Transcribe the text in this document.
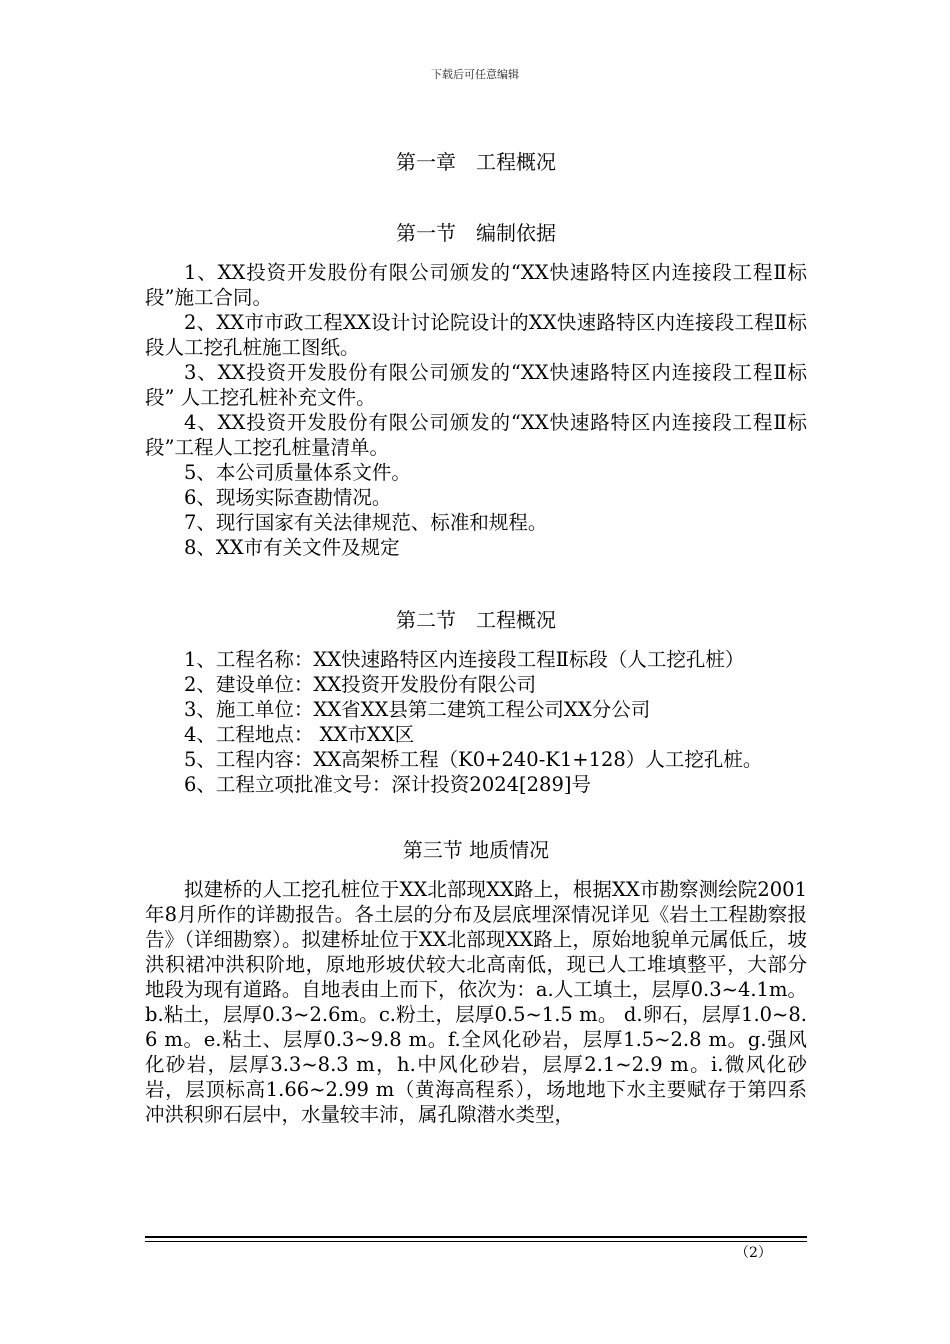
下载后可任意编辑
第一章　工程概况
第一节　编制依据

1、XX投资开发股份有限公司颁发的“XX快速路特区内连接段工程Ⅱ标段”施工合同。

2、XX市市政工程XX设计讨论院设计的XX快速路特区内连接段工程Ⅱ标段人工挖孔桩施工图纸。

3、XX投资开发股份有限公司颁发的“XX快速路特区内连接段工程Ⅱ标段” 人工挖孔桩补充文件。

4、XX投资开发股份有限公司颁发的“XX快速路特区内连接段工程Ⅱ标段”工程人工挖孔桩量清单。

5、本公司质量体系文件。

6、现场实际查勘情况。

7、现行国家有关法律规范、标准和规程。

8、XX市有关文件及规定

第二节　工程概况

1、工程名称：XX快速路特区内连接段工程Ⅱ标段（人工挖孔桩）

2、建设单位：XX投资开发股份有限公司

3、施工单位：XX省XX县第二建筑工程公司XX分公司

4、工程地点： XX市XX区

5、工程内容：XX高架桥工程（K0+240-K1+128）人工挖孔桩。

6、工程立项批准文号：深计投资2024[289]号

第三节 地质情况

拟建桥的人工挖孔桩位于XX北部现XX路上，根据XX市勘察测绘院2001年8月所作的详勘报告。各土层的分布及层底埋深情况详见《岩土工程勘察报告》（详细勘察）。拟建桥址位于XX北部现XX路上，原始地貌单元属低丘，坡洪积裙冲洪积阶地，原地形坡伏较大北高南低，现已人工堆填整平，大部分地段为现有道路。自地表由上而下，依次为：a.人工填土，层厚0.3~4.1m。b.粘土，层厚0.3~2.6m。c.粉土，层厚0.5~1.5 m。 d.卵石，层厚1.0~8.6 m。e.粘土、层厚0.3~9.8 m。f.全风化砂岩，层厚1.5~2.8 m。g.强风化砂岩，层厚3.3~8.3 m，h.中风化砂岩，层厚2.1~2.9 m。i.微风化砂岩，层顶标高1.66~2.99 m（黄海高程系），场地地下水主要赋存于第四系冲洪积卵石层中，水量较丰沛，属孔隙潜水类型，

（2）
